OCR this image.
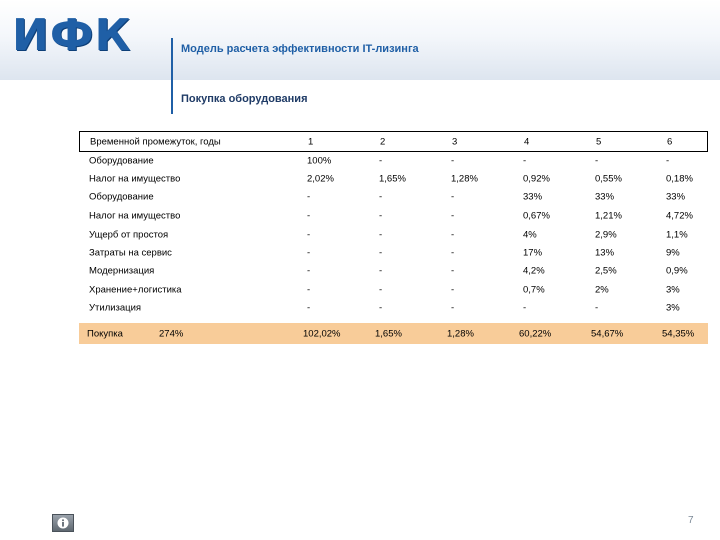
ИФК	Модель расчета эффективности IT-лизинга
Покупка оборудования
Временной промежуток, годы	1	2	3	4	5	6
Оборудование	100%	-	-	-	-	-
Налог на имущество	2,02%	1,65%	1,28%	0,92%	0,55%	0,18%
Оборудование	-	-	-	33%	33%	33%
Налог на имущество	-	-	-	0,67%	1,21%	4,72%
Ущерб от простоя	-	-	-	4%	2,9%	1,1%
Затраты на сервис	-	-	-	17%	13%	9%
Модернизация	-	-	-	4,2%	2,5%	0,9%
Хранение+логистика	-	-	-	0,7%	2%	3%
Утилизация	-	-	-	-	-	3%
Покупка	274%	102,02%	1,65%	1,28%	60,22%	54,67%	54,35%
7
